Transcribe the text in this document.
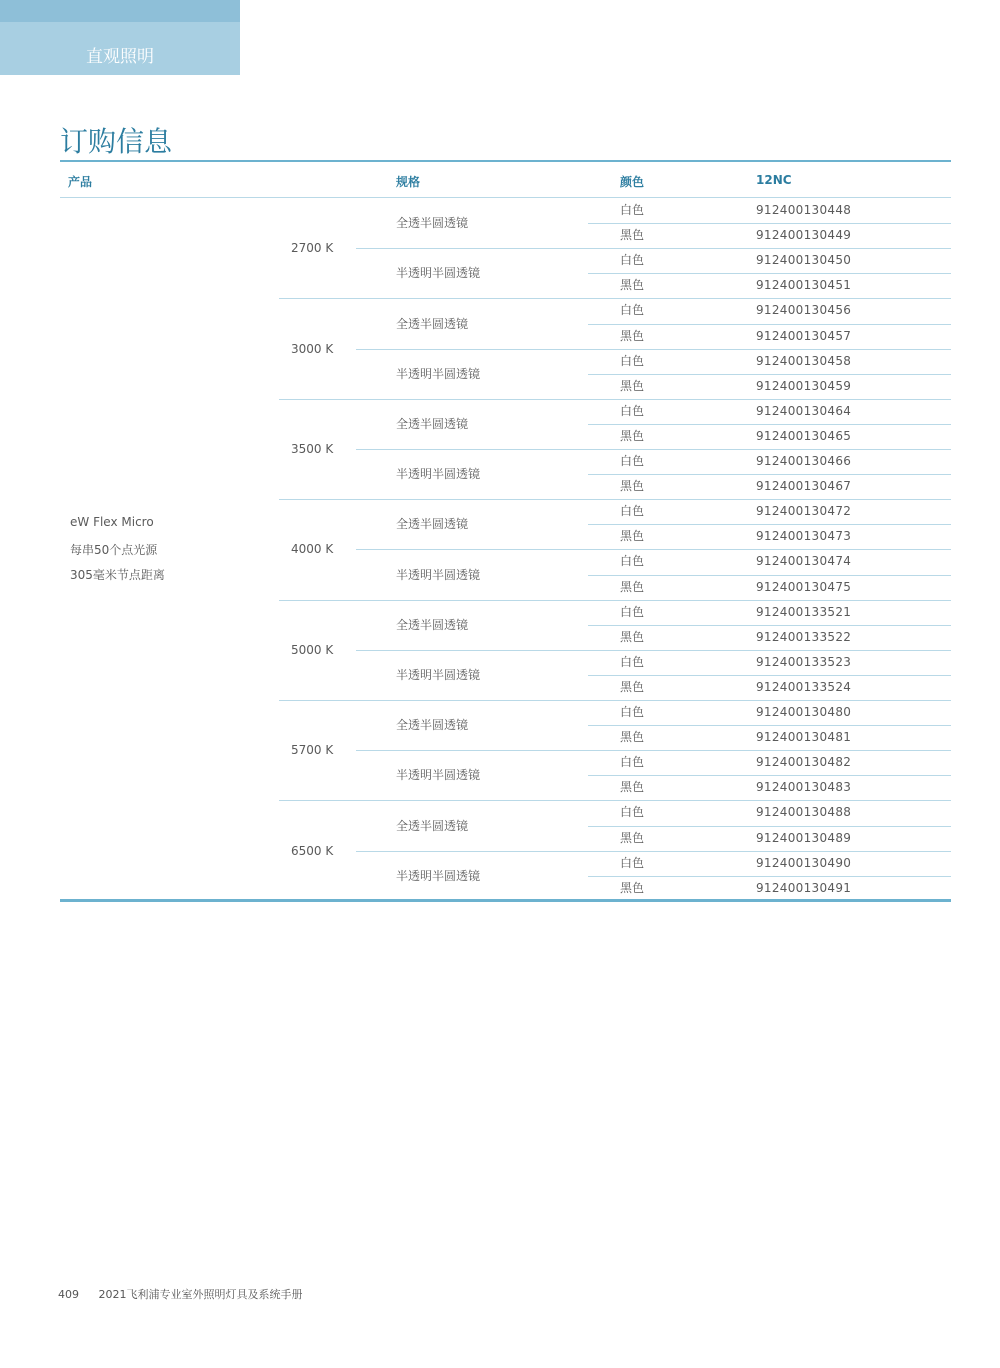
直观照明
订购信息
产品	规格	颜色	12NC
eW Flex Micro
每串50个点光源
305毫米节点距离
2700 K
全透半圆透镜
白色	912400130448
黑色	912400130449
半透明半圆透镜
白色	912400130450
黑色	912400130451
3000 K
全透半圆透镜
白色	912400130456
黑色	912400130457
半透明半圆透镜
白色	912400130458
黑色	912400130459
3500 K
全透半圆透镜
白色	912400130464
黑色	912400130465
半透明半圆透镜
白色	912400130466
黑色	912400130467
4000 K
全透半圆透镜
白色	912400130472
黑色	912400130473
半透明半圆透镜
白色	912400130474
黑色	912400130475
5000 K
全透半圆透镜
白色	912400133521
黑色	912400133522
半透明半圆透镜
白色	912400133523
黑色	912400133524
5700 K
全透半圆透镜
白色	912400130480
黑色	912400130481
半透明半圆透镜
白色	912400130482
黑色	912400130483
6500 K
全透半圆透镜
白色	912400130488
黑色	912400130489
半透明半圆透镜
白色	912400130490
黑色	912400130491
409 2021飞利浦专业室外照明灯具及系统手册
